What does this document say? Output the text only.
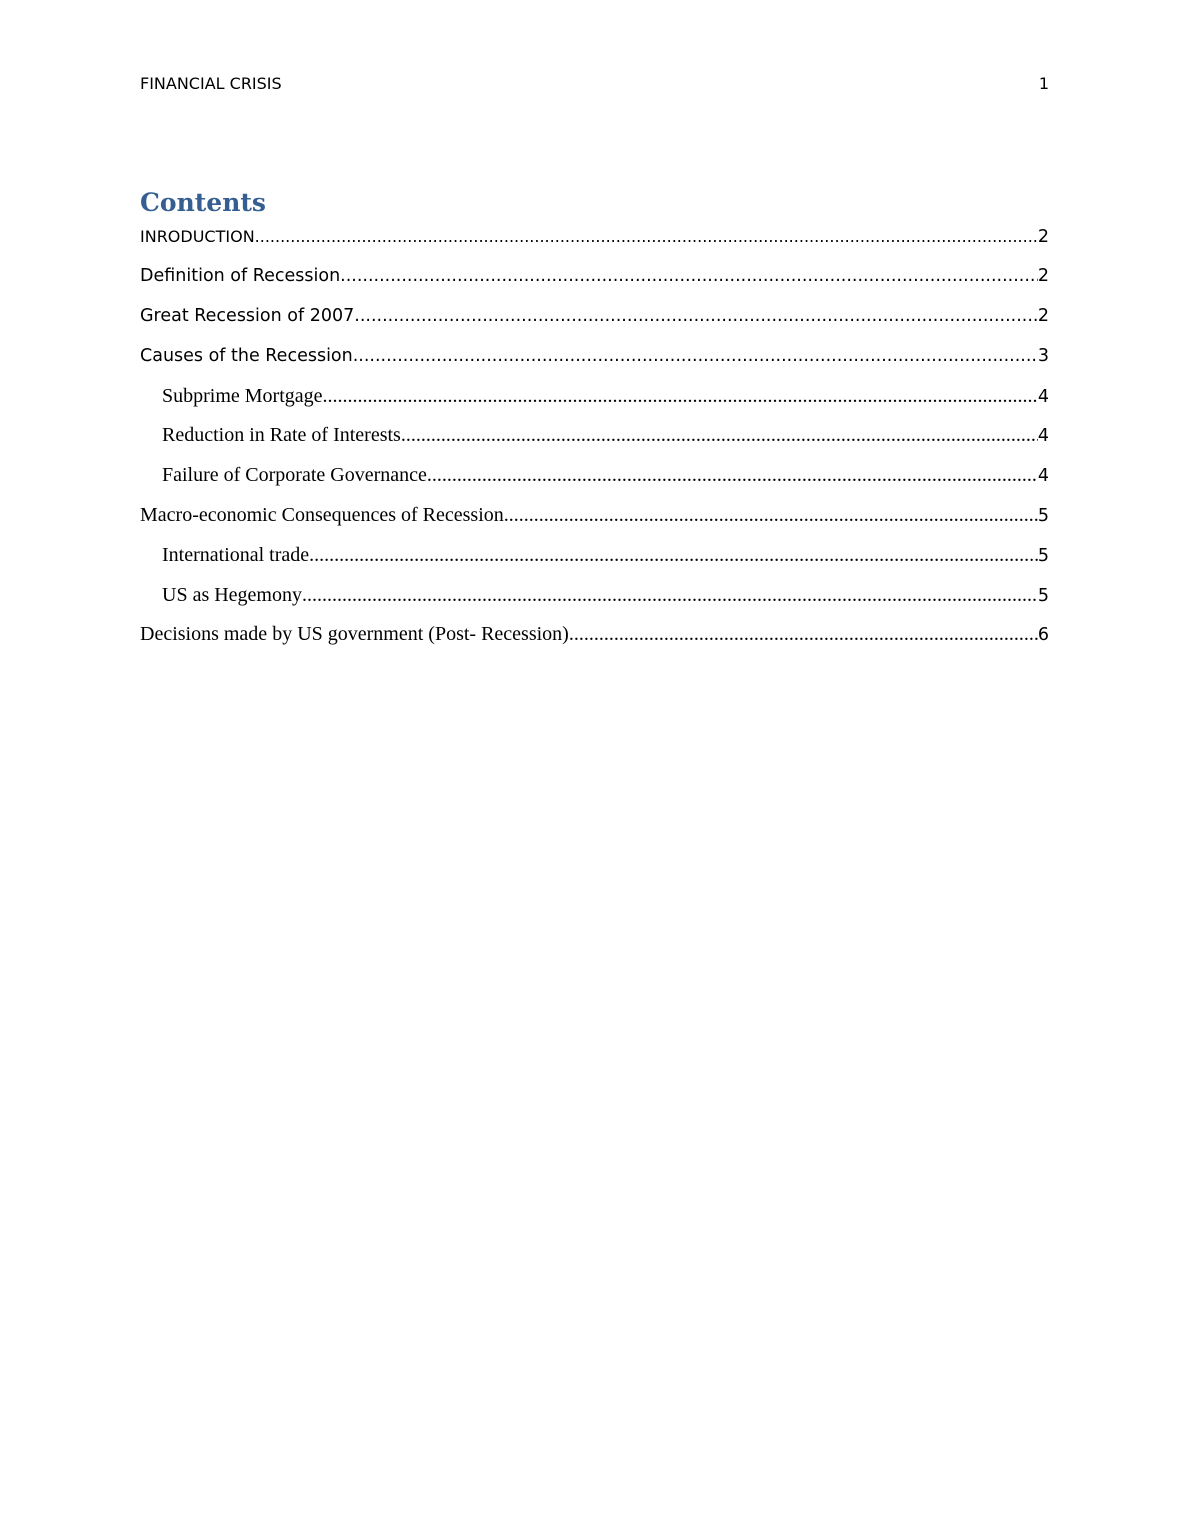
FINANCIAL CRISIS	1
Contents
INRODUCTION .....	2
Definition of Recession .....	2
Great Recession of 2007 .....	2
Causes of the Recession .....	3
Subprime Mortgage .....	4
Reduction in Rate of Interests .....	4
Failure of Corporate Governance .....	4
Macro-economic Consequences of Recession .....	5
International trade .....	5
US as Hegemony .....	5
Decisions made by US government (Post- Recession) .....	6
